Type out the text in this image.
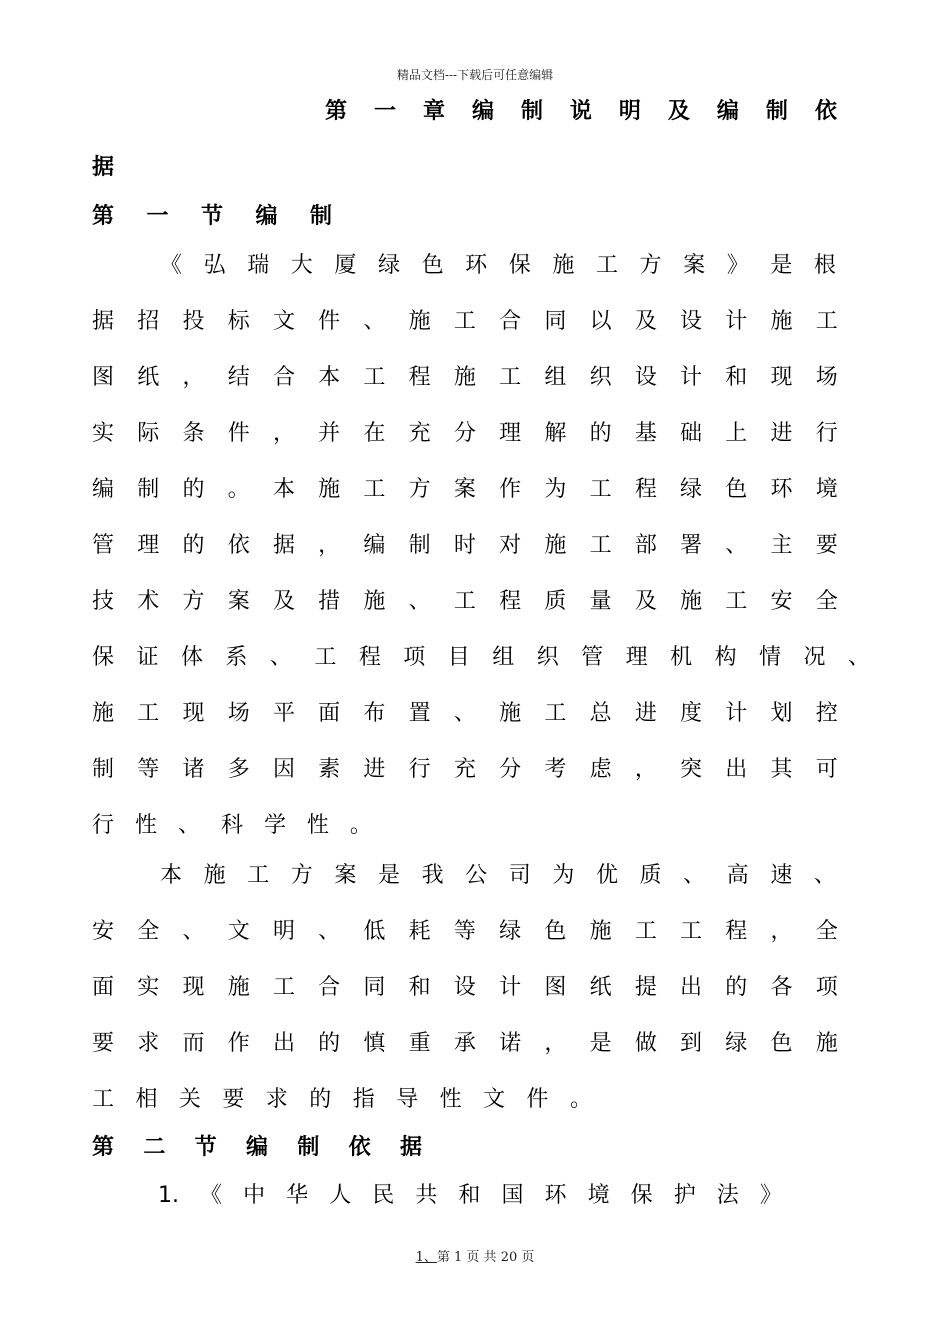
精品文档---下载后可任意编辑
第 一 章 编 制 说 明 及 编 制 依
据
第 一 节 编 制
《 弘 瑞 大 厦 绿 色 环 保 施 工 方 案 》 是 根
据 招 投 标 文 件 、 施 工 合 同 以 及 设 计 施 工
图 纸 ， 结 合 本 工 程 施 工 组 织 设 计 和 现 场
实 际 条 件 ， 并 在 充 分 理 解 的 基 础 上 进 行
编 制 的 。 本 施 工 方 案 作 为 工 程 绿 色 环 境
管 理 的 依 据 ， 编 制 时 对 施 工 部 署 、 主 要
技 术 方 案 及 措 施 、 工 程 质 量 及 施 工 安 全
保 证 体 系 、 工 程 项 目 组 织 管 理 机 构 情 况 、
施 工 现 场 平 面 布 置 、 施 工 总 进 度 计 划 控
制 等 诸 多 因 素 进 行 充 分 考 虑 ， 突 出 其 可
行 性 、 科 学 性 。
本 施 工 方 案 是 我 公 司 为 优 质 、 高 速 、
安 全 、 文 明 、 低 耗 等 绿 色 施 工 工 程 ， 全
面 实 现 施 工 合 同 和 设 计 图 纸 提 出 的 各 项
要 求 而 作 出 的 慎 重 承 诺 ， 是 做 到 绿 色 施
工 相 关 要 求 的 指 导 性 文 件 。
第 二 节 编 制 依 据
1. 《 中 华 人 民 共 和 国 环 境 保 护 法 》
1、第 1 页 共 20 页
